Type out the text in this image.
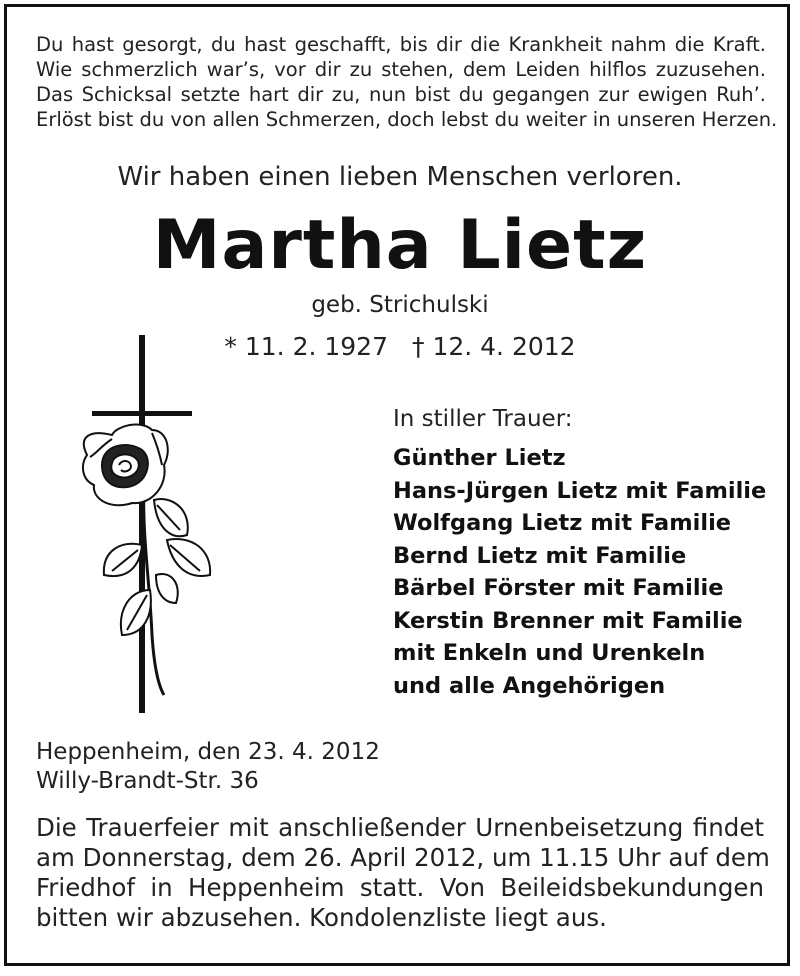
Du hast gesorgt, du hast geschafft, bis dir die Krankheit nahm die Kraft.
Wie schmerzlich war’s, vor dir zu stehen, dem Leiden hilflos zuzusehen.
Das Schicksal setzte hart dir zu, nun bist du gegangen zur ewigen Ruh’.
Erlöst bist du von allen Schmerzen, doch lebst du weiter in unseren Herzen.
Wir haben einen lieben Menschen verloren.
Martha Lietz
geb. Strichulski
* 11. 2. 1927 † 12. 4. 2012
In stiller Trauer:
Günther Lietz
Hans-Jürgen Lietz mit Familie
Wolfgang Lietz mit Familie
Bernd Lietz mit Familie
Bärbel Förster mit Familie
Kerstin Brenner mit Familie
mit Enkeln und Urenkeln
und alle Angehörigen
Heppenheim, den 23. 4. 2012
Willy-Brandt-Str. 36
Die Trauerfeier mit anschließender Urnenbeisetzung findet
am Donnerstag, dem 26. April 2012, um 11.15 Uhr auf dem
Friedhof in Heppenheim statt. Von Beileidsbekundungen
bitten wir abzusehen. Kondolenzliste liegt aus.
